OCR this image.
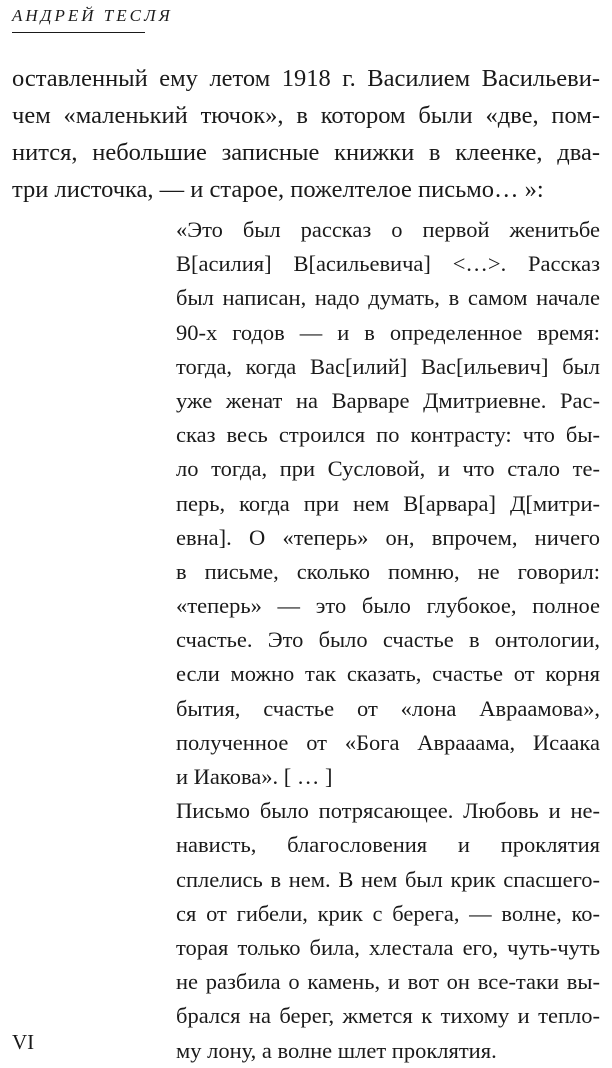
АНДРЕЙ ТЕСЛЯ
оставленный ему летом 1918 г. Василием Васильеви-
чем «маленький тючок», в котором были «две, пом-
нится, небольшие записные книжки в клеенке, два-
три листочка, — и старое, пожелтелое письмо… »:
«Это был рассказ о первой женитьбе
В[асилия] В[асильевича] <…>. Рассказ
был написан, надо думать, в самом начале
90-х годов — и в определенное время:
тогда, когда Вас[илий] Вас[ильевич] был
уже женат на Варваре Дмитриевне. Рас-
сказ весь строился по контрасту: что бы-
ло тогда, при Сусловой, и что стало те-
перь, когда при нем В[арвара] Д[митри-
евна]. О «теперь» он, впрочем, ничего
в письме, сколько помню, не говорил:
«теперь» — это было глубокое, полное
счастье. Это было счастье в онтологии,
если можно так сказать, счастье от корня
бытия, счастье от «лона Авраамова»,
полученное от «Бога Аврааама, Исаака
и Иакова». [ … ]
Письмо было потрясающее. Любовь и не-
нависть, благословения и проклятия
сплелись в нем. В нем был крик спасшего-
ся от гибели, крик с берега, — волне, ко-
торая только била, хлестала его, чуть-чуть
не разбила о камень, и вот он все-таки вы-
брался на берег, жмется к тихому и тепло-
му лону, а волне шлет проклятия.
VI
